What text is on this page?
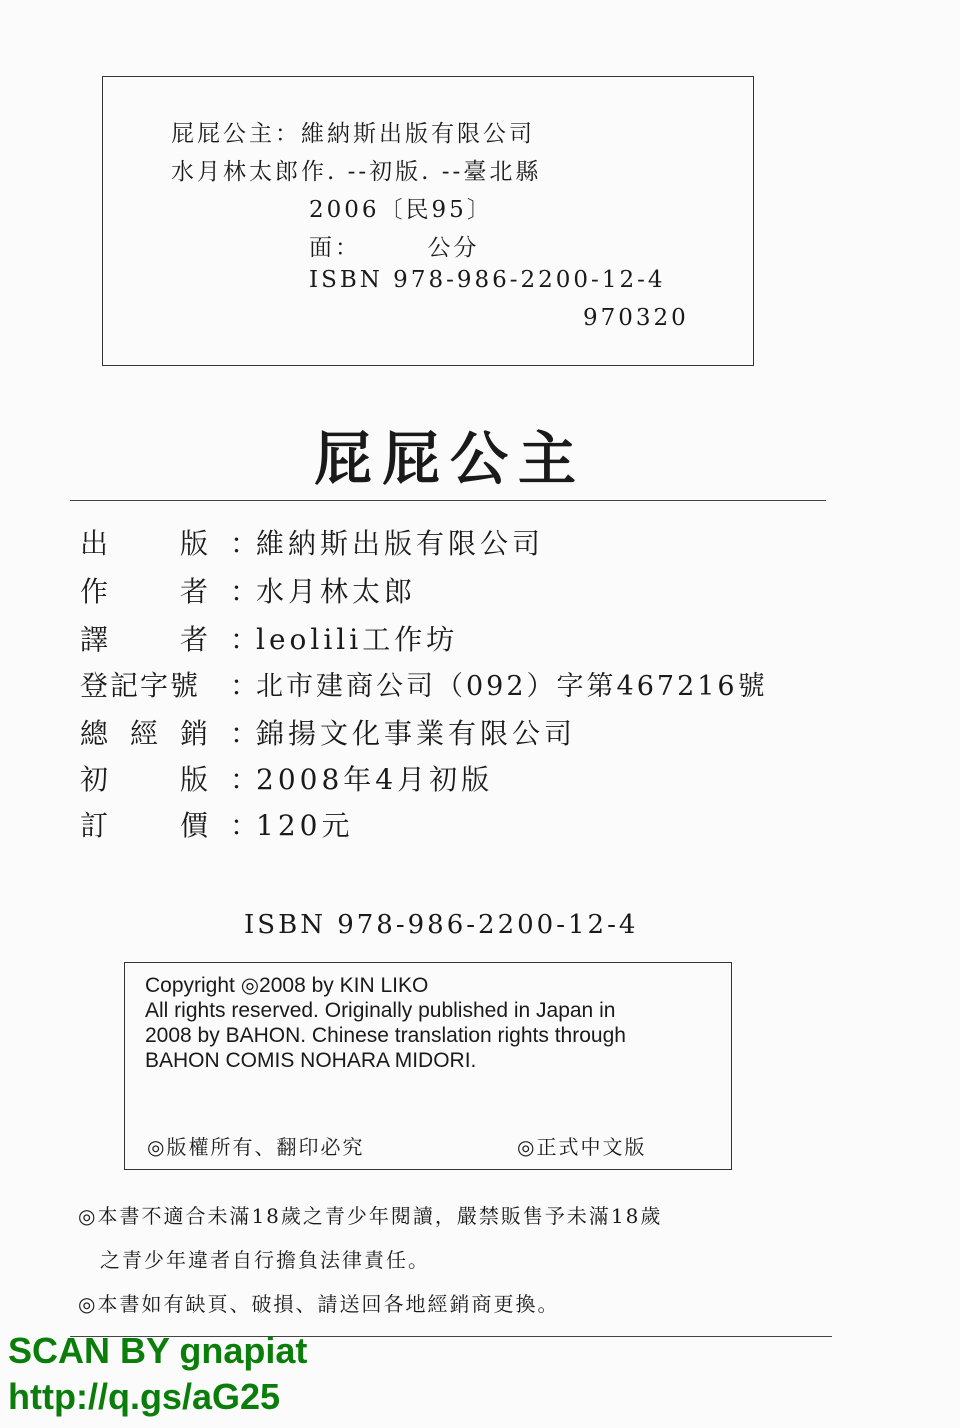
屁屁公主：維納斯出版有限公司
水月林太郎作. --初版. --臺北縣
2006〔民95〕
面：　　　公分
ISBN 978-986-2200-12-4
970320
屁屁公主
出	版 ：
維納斯出版有限公司
作	者 ：
水月林太郎
譯	者 ：
leolili工作坊
登記字號 ：
北市建商公司（092）字第467216號
總 經 銷 ：
錦揚文化事業有限公司
初	版 ：
2008年4月初版
訂	價 ：
120元
ISBN 978-986-2200-12-4
Copyright ◎2008 by KIN LIKO
All rights reserved. Originally published in Japan in
2008 by BAHON. Chinese translation rights through
BAHON COMIS NOHARA MIDORI.
◎版權所有、翻印必究	◎正式中文版
◎本書不適合未滿18歲之青少年閱讀，嚴禁販售予未滿18歲
之青少年違者自行擔負法律責任。
◎本書如有缺頁、破損、請送回各地經銷商更換。
SCAN BY gnapiat
http://q.gs/aG25
